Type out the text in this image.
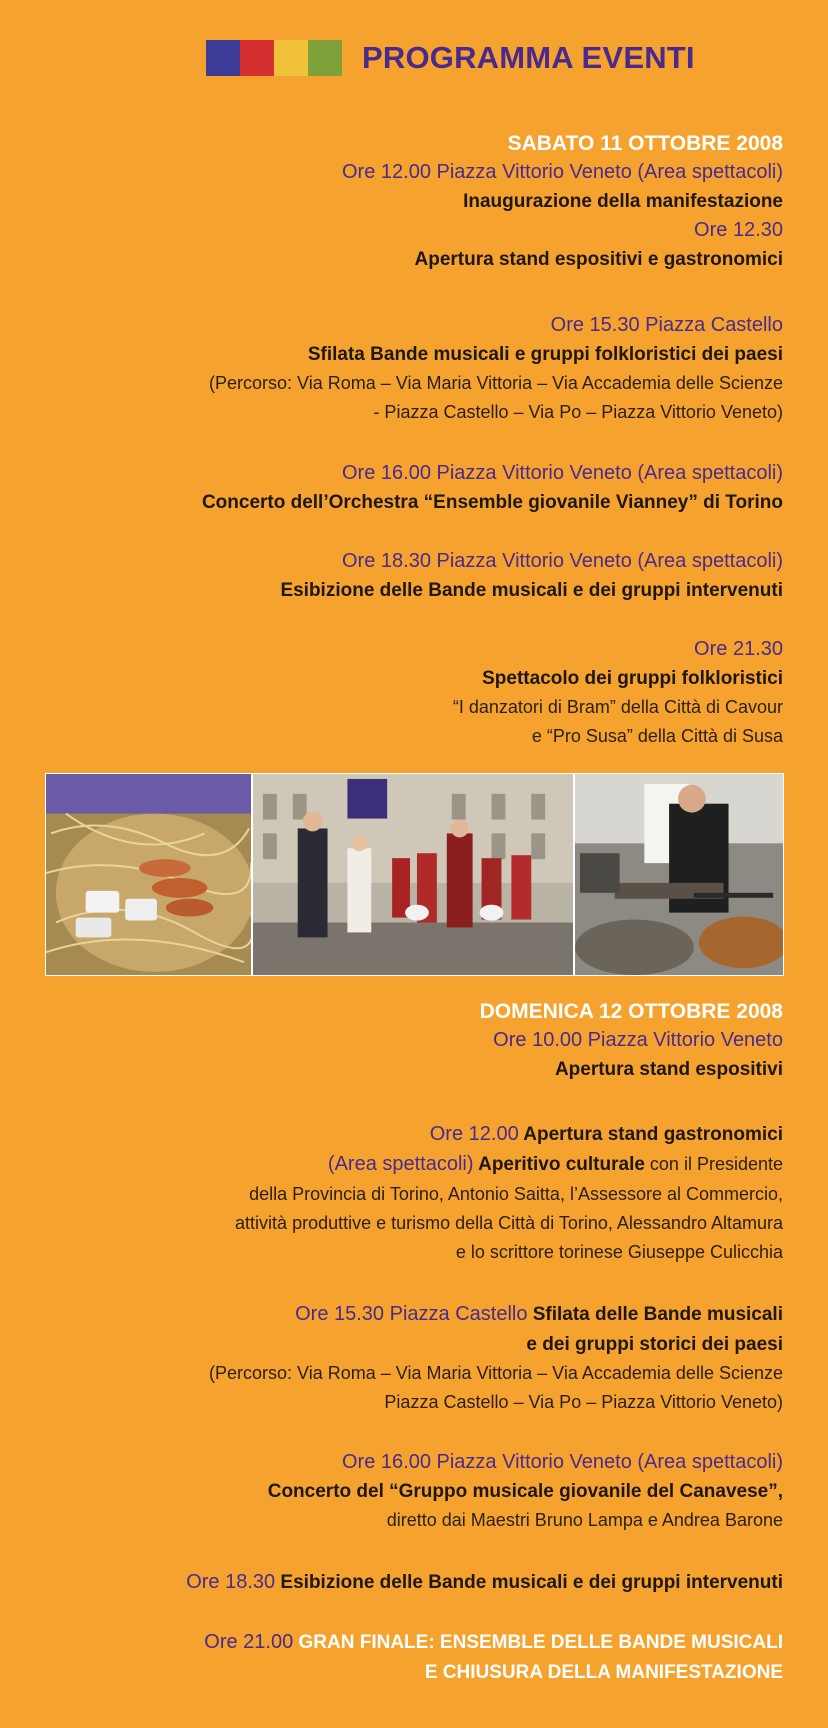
PROGRAMMA EVENTI
SABATO 11 OTTOBRE 2008
Ore 12.00 Piazza Vittorio Veneto (Area spettacoli)
Inaugurazione della manifestazione
Ore 12.30
Apertura stand espositivi e gastronomici
Ore 15.30 Piazza Castello
Sfilata Bande musicali e gruppi folkloristici dei paesi
(Percorso: Via Roma – Via Maria Vittoria – Via Accademia delle Scienze
- Piazza Castello – Via Po – Piazza Vittorio Veneto)
Ore 16.00 Piazza Vittorio Veneto (Area spettacoli)
Concerto dell’Orchestra “Ensemble giovanile Vianney” di Torino
Ore 18.30 Piazza Vittorio Veneto (Area spettacoli)
Esibizione delle Bande musicali e dei gruppi intervenuti
Ore 21.30
Spettacolo dei gruppi folkloristici
“I danzatori di Bram” della Città di Cavour
e “Pro Susa” della Città di Susa
DOMENICA 12 OTTOBRE 2008
Ore 10.00 Piazza Vittorio Veneto
Apertura stand espositivi
Ore 12.00 Apertura stand gastronomici
(Area spettacoli) Aperitivo culturale con il Presidente
della Provincia di Torino, Antonio Saitta, l’Assessore al Commercio,
attività produttive e turismo della Città di Torino, Alessandro Altamura
e lo scrittore torinese Giuseppe Culicchia
Ore 15.30 Piazza Castello Sfilata delle Bande musicali
e dei gruppi storici dei paesi
(Percorso: Via Roma – Via Maria Vittoria – Via Accademia delle Scienze
Piazza Castello – Via Po – Piazza Vittorio Veneto)
Ore 16.00 Piazza Vittorio Veneto (Area spettacoli)
Concerto del “Gruppo musicale giovanile del Canavese”,
diretto dai Maestri Bruno Lampa e Andrea Barone
Ore 18.30 Esibizione delle Bande musicali e dei gruppi intervenuti
Ore 21.00 GRAN FINALE: ENSEMBLE DELLE BANDE MUSICALI
E CHIUSURA DELLA MANIFESTAZIONE
